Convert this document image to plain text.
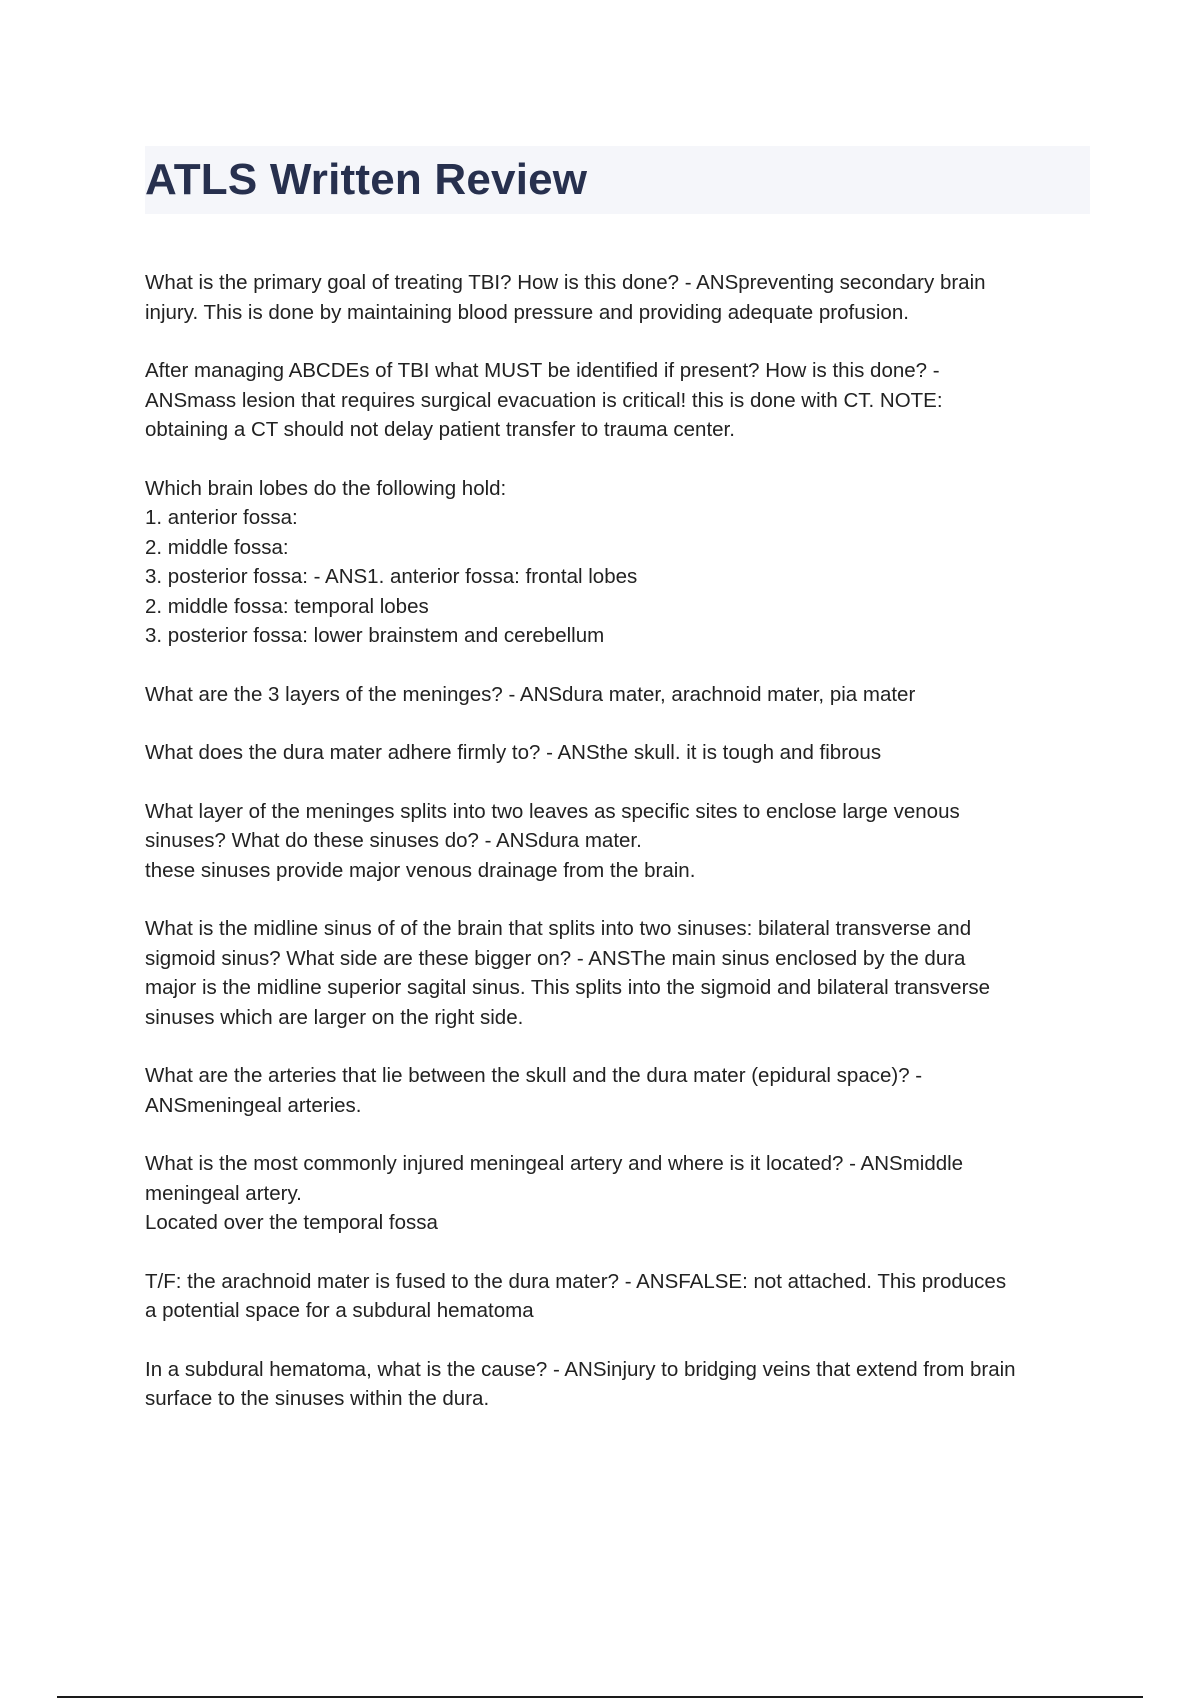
ATLS Written Review

What is the primary goal of treating TBI? How is this done? - ANSpreventing secondary brain
injury. This is done by maintaining blood pressure and providing adequate profusion.

After managing ABCDEs of TBI what MUST be identified if present? How is this done? -
ANSmass lesion that requires surgical evacuation is critical! this is done with CT. NOTE:
obtaining a CT should not delay patient transfer to trauma center.

Which brain lobes do the following hold:
1. anterior fossa:
2. middle fossa:
3. posterior fossa: - ANS1. anterior fossa: frontal lobes
2. middle fossa: temporal lobes
3. posterior fossa: lower brainstem and cerebellum

What are the 3 layers of the meninges? - ANSdura mater, arachnoid mater, pia mater

What does the dura mater adhere firmly to? - ANSthe skull. it is tough and fibrous

What layer of the meninges splits into two leaves as specific sites to enclose large venous
sinuses? What do these sinuses do? - ANSdura mater.
these sinuses provide major venous drainage from the brain.

What is the midline sinus of of the brain that splits into two sinuses: bilateral transverse and
sigmoid sinus? What side are these bigger on? - ANSThe main sinus enclosed by the dura
major is the midline superior sagital sinus. This splits into the sigmoid and bilateral transverse
sinuses which are larger on the right side.

What are the arteries that lie between the skull and the dura mater (epidural space)? -
ANSmeningeal arteries.

What is the most commonly injured meningeal artery and where is it located? - ANSmiddle
meningeal artery.
Located over the temporal fossa

T/F: the arachnoid mater is fused to the dura mater? - ANSFALSE: not attached. This produces
a potential space for a subdural hematoma

In a subdural hematoma, what is the cause? - ANSinjury to bridging veins that extend from brain
surface to the sinuses within the dura.
